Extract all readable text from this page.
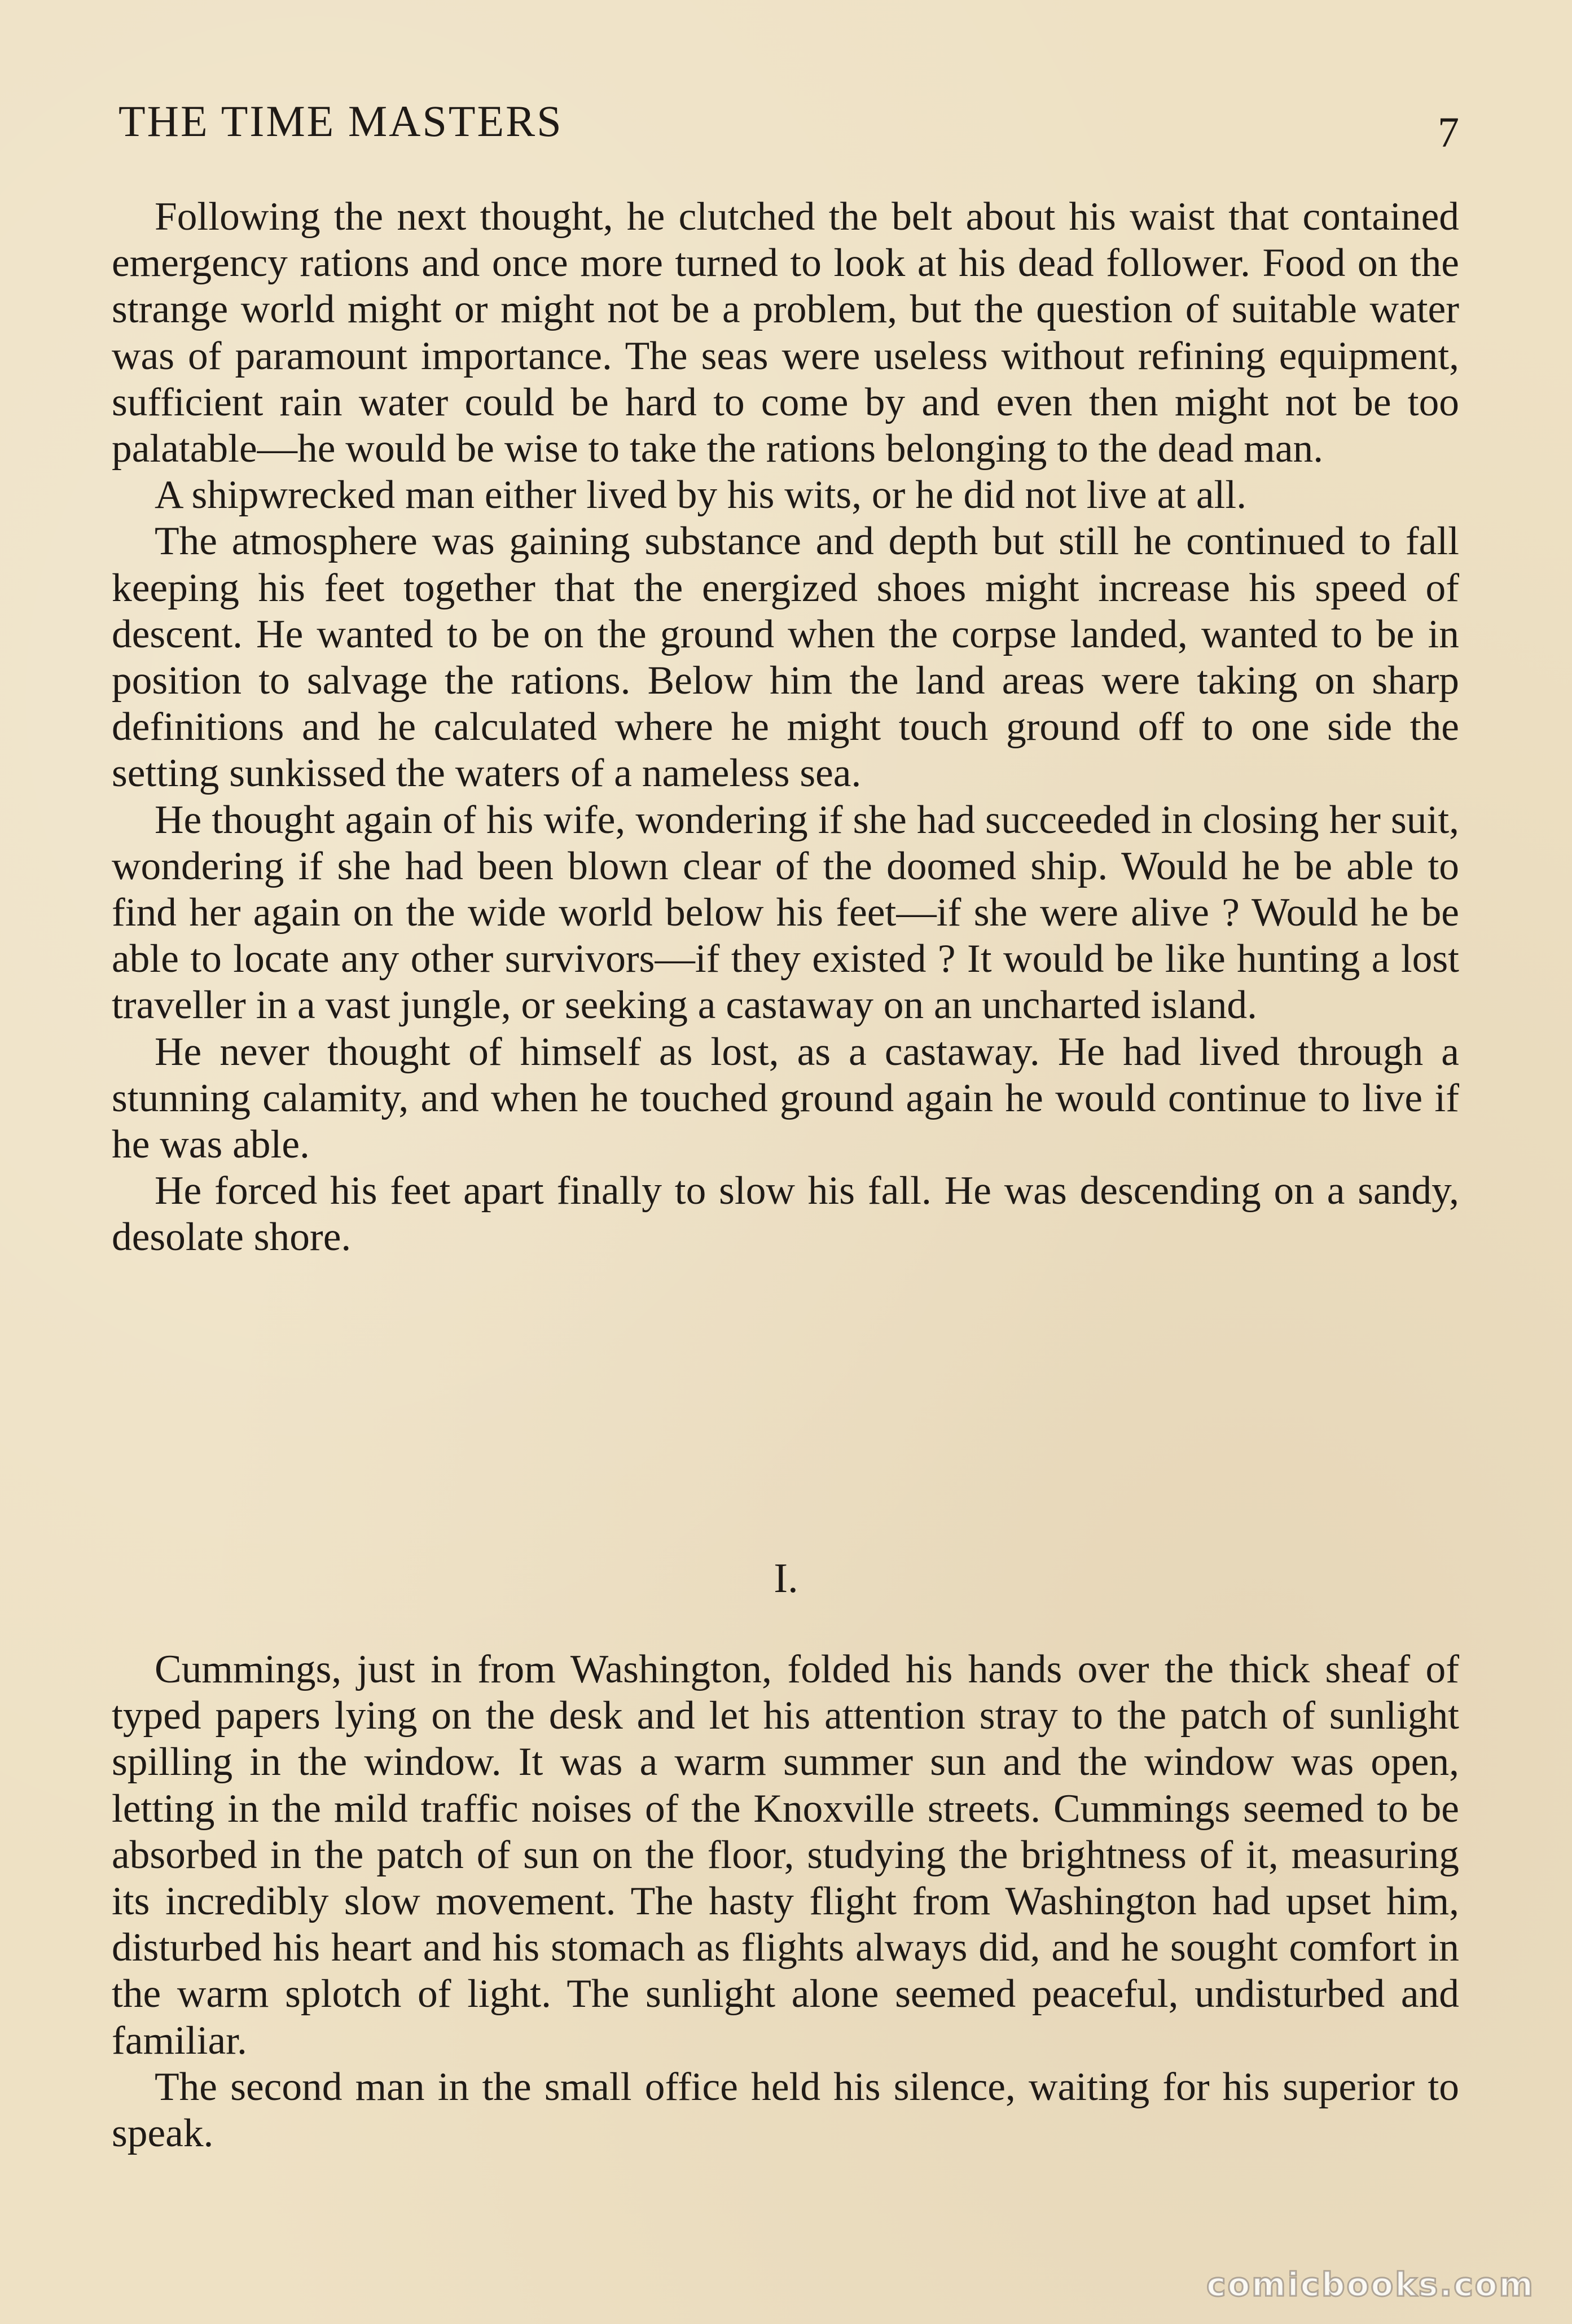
THE TIME MASTERS	7

Following the next thought, he clutched the belt about his waist that contained emergency rations and once more turned to look at his dead follower. Food on the strange world might or might not be a problem, but the question of suitable water was of paramount importance. The seas were useless without refining equipment, sufficient rain water could be hard to come by and even then might not be too palatable—he would be wise to take the rations belonging to the dead man.

A shipwrecked man either lived by his wits, or he did not live at all.

The atmosphere was gaining substance and depth but still he continued to fall keeping his feet together that the energized shoes might increase his speed of descent. He wanted to be on the ground when the corpse landed, wanted to be in position to salvage the rations. Below him the land areas were taking on sharp definitions and he calculated where he might touch ground off to one side the setting sunkissed the waters of a nameless sea.

He thought again of his wife, wondering if she had succeeded in closing her suit, wondering if she had been blown clear of the doomed ship. Would he be able to find her again on the wide world below his feet—if she were alive ? Would he be able to locate any other survivors—if they existed ? It would be like hunting a lost traveller in a vast jungle, or seeking a castaway on an uncharted island.

He never thought of himself as lost, as a castaway. He had lived through a stunning calamity, and when he touched ground again he would continue to live if he was able.

He forced his feet apart finally to slow his fall. He was descending on a sandy, desolate shore.

I.

Cummings, just in from Washington, folded his hands over the thick sheaf of typed papers lying on the desk and let his attention stray to the patch of sunlight spilling in the window. It was a warm summer sun and the window was open, letting in the mild traffic noises of the Knoxville streets. Cummings seemed to be absorbed in the patch of sun on the floor, studying the brightness of it, measuring its incredibly slow movement. The hasty flight from Washington had upset him, disturbed his heart and his stomach as flights always did, and he sought comfort in the warm splotch of light. The sunlight alone seemed peaceful, undisturbed and familiar.

The second man in the small office held his silence, waiting for his superior to speak.

comicbooks.com
